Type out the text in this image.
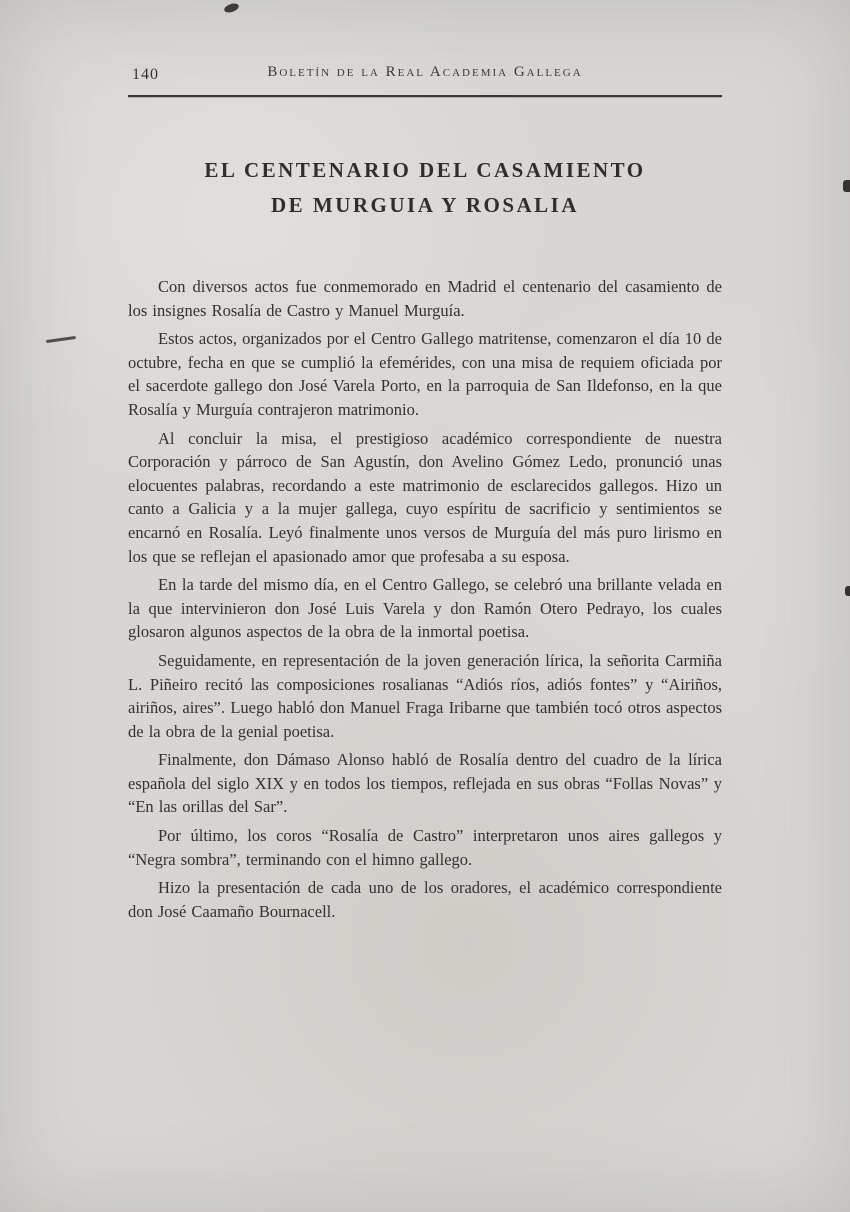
140	Boletín de la Real Academia Gallega
EL CENTENARIO DEL CASAMIENTO
DE MURGUIA Y ROSALIA

Con diversos actos fue conmemorado en Madrid el centenario del casamiento de los insignes Rosalía de Castro y Manuel Murguía.

Estos actos, organizados por el Centro Gallego matritense, comenzaron el día 10 de octubre, fecha en que se cumplió la efemérides, con una misa de requiem oficiada por el sacerdote gallego don José Varela Porto, en la parroquia de San Ildefonso, en la que Rosalía y Murguía contrajeron matrimonio.

Al concluir la misa, el prestigioso académico correspondiente de nuestra Corporación y párroco de San Agustín, don Avelino Gómez Ledo, pronunció unas elocuentes palabras, recordando a este matrimonio de esclarecidos gallegos. Hizo un canto a Galicia y a la mujer gallega, cuyo espíritu de sacrificio y sentimientos se encarnó en Rosalía. Leyó finalmente unos versos de Murguía del más puro lirismo en los que se reflejan el apasionado amor que profesaba a su esposa.

En la tarde del mismo día, en el Centro Gallego, se celebró una brillante velada en la que intervinieron don José Luis Varela y don Ramón Otero Pedrayo, los cuales glosaron algunos aspectos de la obra de la inmortal poetisa.

Seguidamente, en representación de la joven generación lírica, la señorita Carmiña L. Piñeiro recitó las composiciones rosalianas “Adiós ríos, adiós fontes” y “Airiños, airiños, aires”. Luego habló don Manuel Fraga Iribarne que también tocó otros aspectos de la obra de la genial poetisa.

Finalmente, don Dámaso Alonso habló de Rosalía dentro del cuadro de la lírica española del siglo XIX y en todos los tiempos, reflejada en sus obras “Follas Novas” y “En las orillas del Sar”.

Por último, los coros “Rosalía de Castro” interpretaron unos aires gallegos y “Negra sombra”, terminando con el himno gallego.

Hizo la presentación de cada uno de los oradores, el académico correspondiente don José Caamaño Bournacell.
